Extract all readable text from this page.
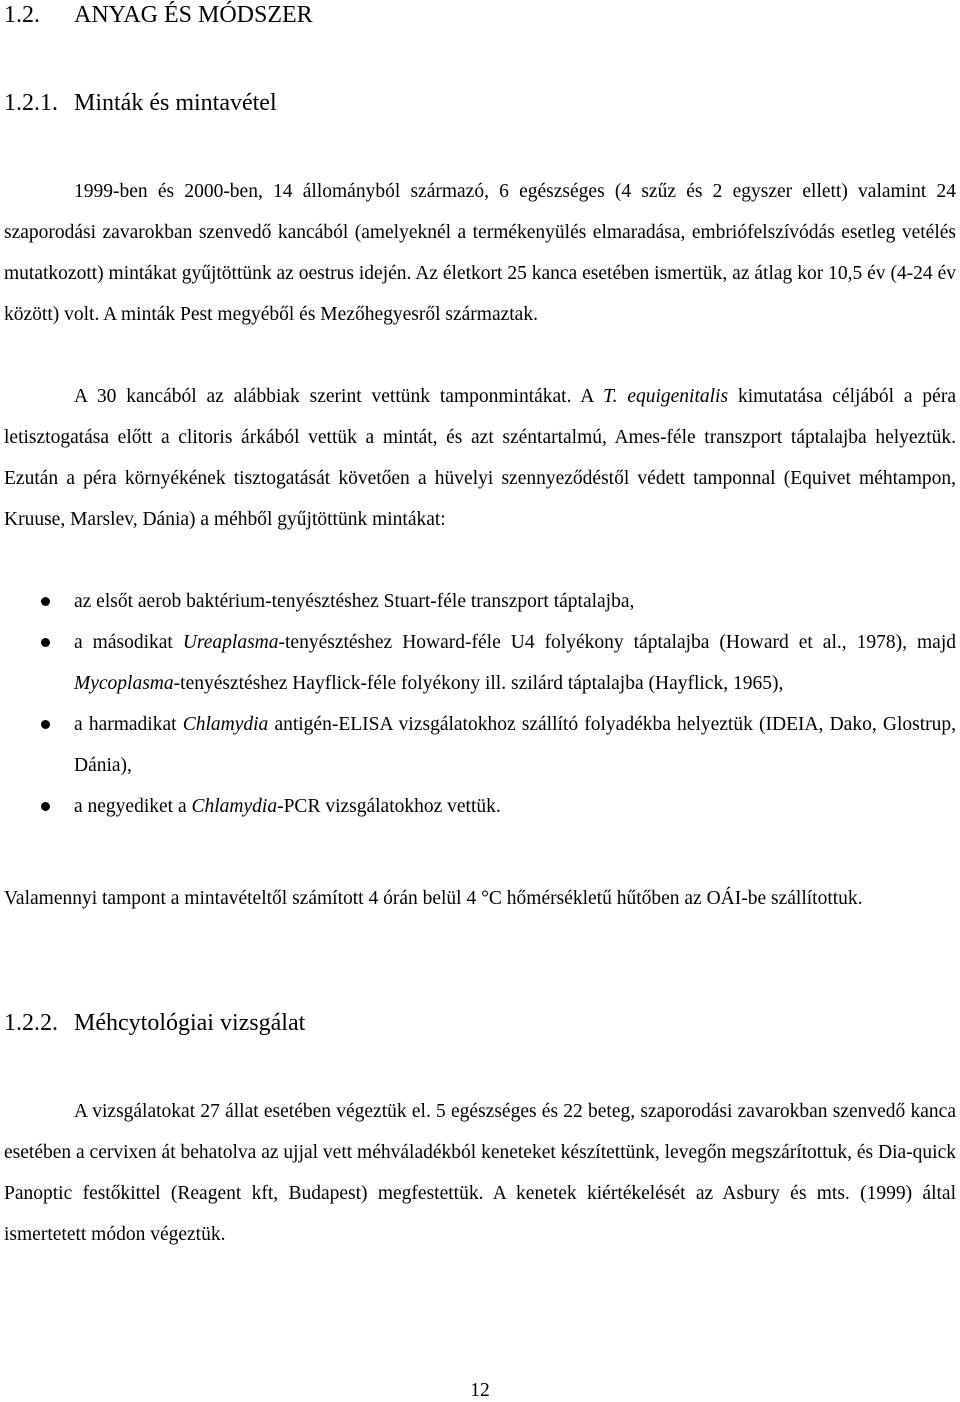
1.2. ANYAG ÉS MÓDSZER
1.2.1. Minták és mintavétel

1999-ben és 2000-ben, 14 állományból származó, 6 egészséges (4 szűz és 2 egyszer ellett) valamint 24 szaporodási zavarokban szenvedő kancából (amelyeknél a termékenyülés elmaradása, embriófelszívódás esetleg vetélés mutatkozott) mintákat gyűjtöttünk az oestrus idején. Az életkort 25 kanca esetében ismertük, az átlag kor 10,5 év (4-24 év között) volt. A minták Pest megyéből és Mezőhegyesről származtak.

A 30 kancából az alábbiak szerint vettünk tamponmintákat. A T. equigenitalis kimutatása céljából a péra letisztogatása előtt a clitoris árkából vettük a mintát, és azt széntartalmú, Ames-féle transzport táptalajba helyeztük. Ezután a péra környékének tisztogatását követően a hüvelyi szennyeződéstől védett tamponnal (Equivet méhtampon, Kruuse, Marslev, Dánia) a méhből gyűjtöttünk mintákat:

az elsőt aerob baktérium-tenyésztéshez Stuart-féle transzport táptalajba,
a másodikat Ureaplasma-tenyésztéshez Howard-féle U4 folyékony táptalajba (Howard et al., 1978), majd Mycoplasma-tenyésztéshez Hayflick-féle folyékony ill. szilárd táptalajba (Hayflick, 1965),
a harmadikat Chlamydia antigén-ELISA vizsgálatokhoz szállító folyadékba helyeztük (IDEIA, Dako, Glostrup, Dánia),
a negyediket a Chlamydia-PCR vizsgálatokhoz vettük.

Valamennyi tampont a mintavételtől számított 4 órán belül 4 °C hőmérsékletű hűtőben az OÁI-be szállítottuk.

1.2.2. Méhcytológiai vizsgálat

A vizsgálatokat 27 állat esetében végeztük el. 5 egészséges és 22 beteg, szaporodási zavarokban szenvedő kanca esetében a cervixen át behatolva az ujjal vett méhváladékból keneteket készítettünk, levegőn megszárítottuk, és Dia-quick Panoptic festőkittel (Reagent kft, Budapest) megfestettük. A kenetek kiértékelését az Asbury és mts. (1999) által ismertetett módon végeztük.

12
